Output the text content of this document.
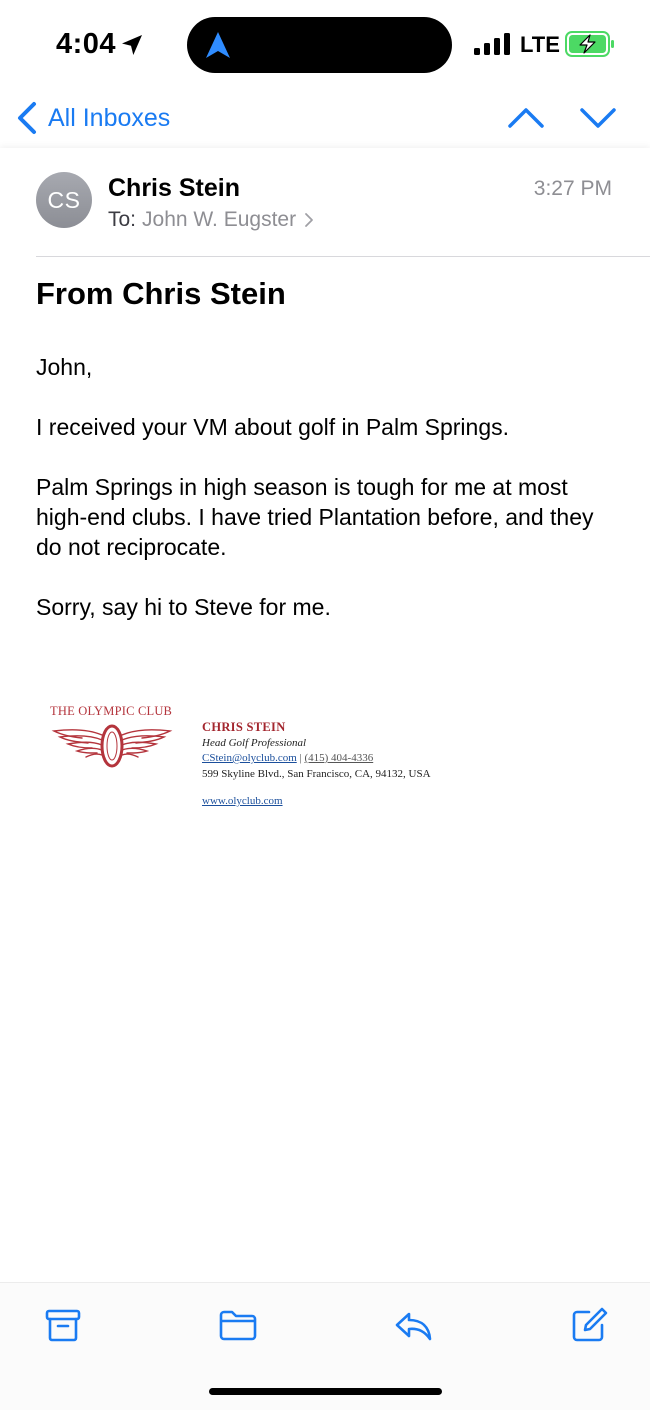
4:04	LTE
All Inboxes
CS	Chris Stein
To: John W. Eugster
3:27 PM
From Chris Stein

John,

I received your VM about golf in Palm Springs.

Palm Springs in high season is tough for me at most high-end clubs. I have tried Plantation before, and they do not reciprocate.

Sorry, say hi to Steve for me.

THE OLYMPIC CLUB
CHRIS STEIN
Head Golf Professional
CStein@olyclub.com | (415) 404-4336
599 Skyline Blvd., San Francisco, CA, 94132, USA
www.olyclub.com
